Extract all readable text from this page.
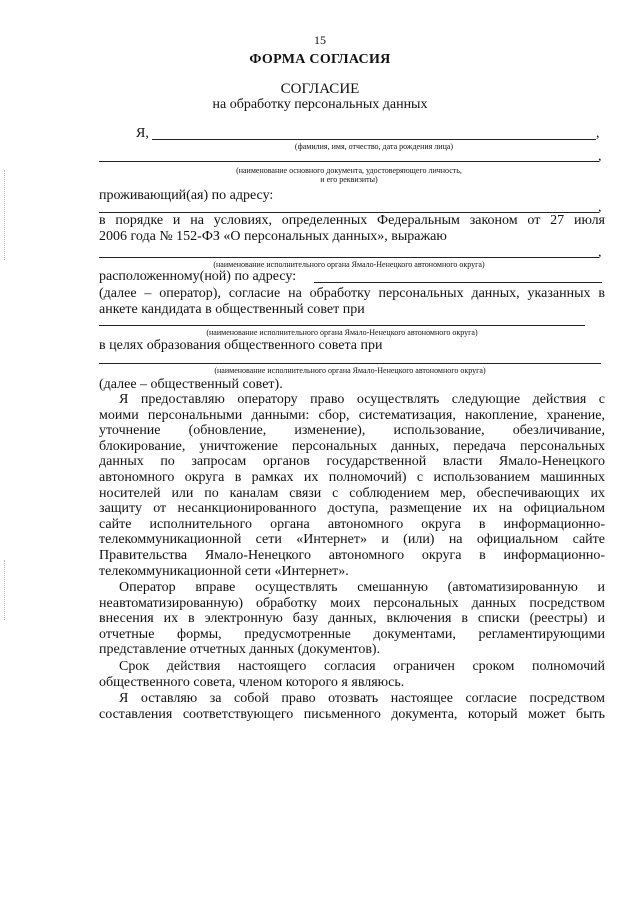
15
ФОРМА СОГЛАСИЯ
СОГЛАСИЕ
на обработку персональных данных
Я,	,
(фамилия, имя, отчество, дата рождения лица)
,
(наименование основного документа, удостоверяющего личность,
и его реквизиты)
проживающий(ая) по адресу:
,
в порядке и на условиях, определенных Федеральным законом от 27 июля
2006 года № 152-ФЗ «О персональных данных», выражаю
,
(наименование исполнительного органа Ямало-Ненецкого автономного округа)
расположенному(ной) по адресу:
(далее – оператор), согласие на обработку персональных данных, указанных в
анкете кандидата в общественный совет при
(наименование исполнительного органа Ямало-Ненецкого автономного округа)
в целях образования общественного совета при
(наименование исполнительного органа Ямало-Ненецкого автономного округа)
(далее – общественный совет).
Я предоставляю оператору право осуществлять следующие действия с
моими персональными данными: сбор, систематизация, накопление, хранение,
уточнение (обновление, изменение), использование, обезличивание,
блокирование, уничтожение персональных данных, передача персональных
данных по запросам органов государственной власти Ямало-Ненецкого
автономного округа в рамках их полномочий) с использованием машинных
носителей или по каналам связи с соблюдением мер, обеспечивающих их
защиту от несанкционированного доступа, размещение их на официальном
сайте исполнительного органа автономного округа в информационно-
телекоммуникационной сети «Интернет» и (или) на официальном сайте
Правительства Ямало-Ненецкого автономного округа в информационно-
телекоммуникационной сети «Интернет».
Оператор вправе осуществлять смешанную (автоматизированную и
неавтоматизированную) обработку моих персональных данных посредством
внесения их в электронную базу данных, включения в списки (реестры) и
отчетные формы, предусмотренные документами, регламентирующими
представление отчетных данных (документов).
Срок действия настоящего согласия ограничен сроком полномочий
общественного совета, членом которого я являюсь.
Я оставляю за собой право отозвать настоящее согласие посредством
составления соответствующего письменного документа, который может быть
